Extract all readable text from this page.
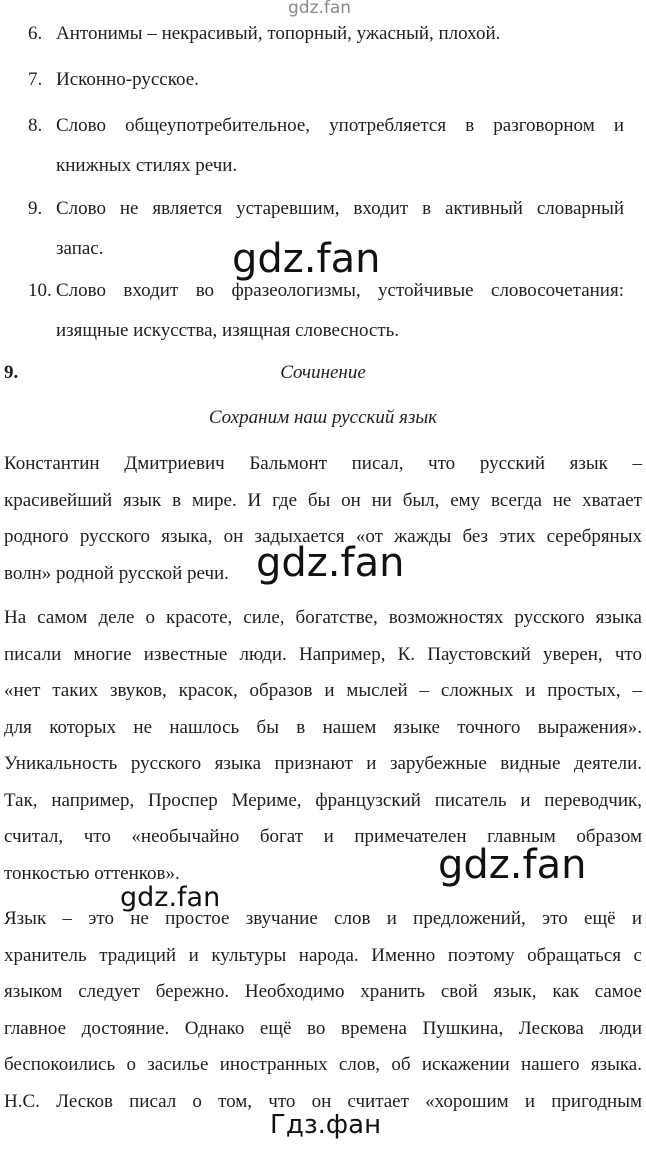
gdz.fan
6. Антонимы – некрасивый, топорный, ужасный, плохой.
7. Исконно-русское.
8. Слово общеупотребительное, употребляется в разговорном и
книжных стилях речи.
9. Слово не является устаревшим, входит в активный словарный
запас.
10. Слово входит во фразеологизмы, устойчивые словосочетания:
изящные искусства, изящная словесность.
gdz.fan
9.	Сочинение
Сохраним наш русский язык
Константин Дмитриевич Бальмонт писал, что русский язык –
красивейший язык в мире. И где бы он ни был, ему всегда не хватает
родного русского языка, он задыхается «от жажды без этих серебряных
волн» родной русской речи. gdz.fan
На самом деле о красоте, силе, богатстве, возможностях русского языка
писали многие известные люди. Например, К. Паустовский уверен, что
«нет таких звуков, красок, образов и мыслей – сложных и простых, –
для которых не нашлось бы в нашем языке точного выражения».
Уникальность русского языка признают и зарубежные видные деятели.
Так, например, Проспер Мериме, французский писатель и переводчик,
считал, что «необычайно богат и примечателен главным образом
тонкостью оттенков».	gdz.fan
gdz.fan
Язык – это не простое звучание слов и предложений, это ещё и
хранитель традиций и культуры народа. Именно поэтому обращаться с
языком следует бережно. Необходимо хранить свой язык, как самое
главное достояние. Однако ещё во времена Пушкина, Лескова люди
беспокоились о засилье иностранных слов, об искажении нашего языка.
Н.С. Лесков писал о том, что он считает «хорошим и пригодным
Гдз.фан
